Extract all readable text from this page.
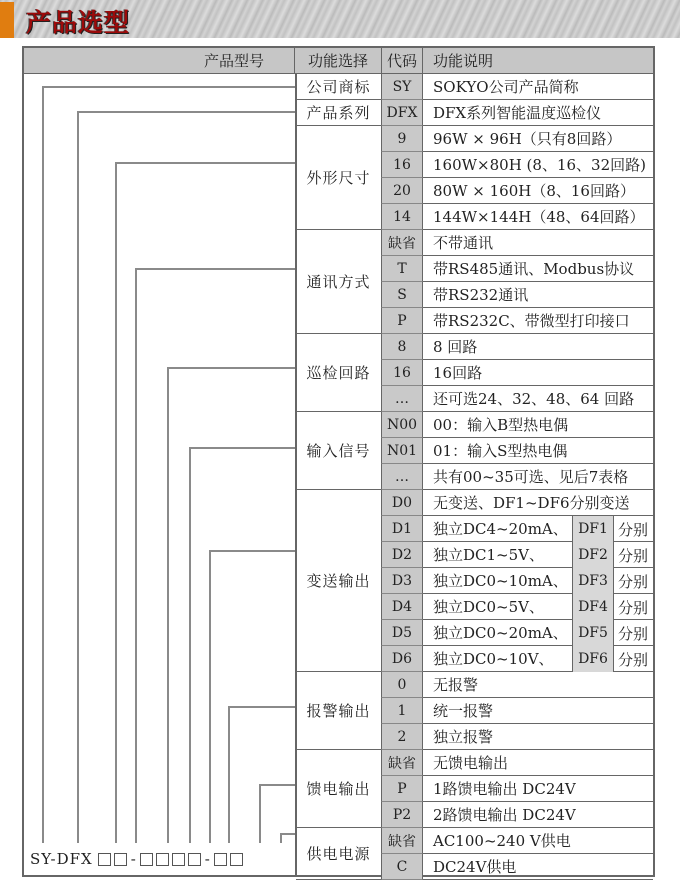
产品选型
产品型号	功能选择	代码	功能说明
公司商标	SY	SOKYO公司产品简称
产品系列	DFX	DFX系列智能温度巡检仪
外形尺寸
9	96W × 96H（只有8回路）
16	160W×80H (8、16、32回路)
20	80W × 160H（8、16回路）
14	144W×144H（48、64回路）
通讯方式
缺省	不带通讯
T	带RS485通讯、Modbus协议
S	带RS232通讯
P	带RS232C、带微型打印接口
巡检回路
8	8 回路
16	16回路
…	还可选24、32、48、64 回路
输入信号
N00	00：输入B型热电偶
N01	01：输入S型热电偶
…	共有00~35可选、见后7表格
变送输出
D0	无变送、DF1~DF6分别变送
D1	独立DC4~20mA、 DF1 分别
D2	独立DC1~5V、	DF2 分别
D3	独立DC0~10mA、 DF3 分别
D4	独立DC0~5V、	DF4 分别
D5	独立DC0~20mA、 DF5 分别
D6	独立DC0~10V、	DF6 分别
报警输出
0	无报警
1	统一报警
2	独立报警
馈电输出
缺省	无馈电输出
P	1路馈电输出 DC24V
P2	2路馈电输出 DC24V
供电电源
缺省	AC100~240 V供电
C	DC24V供电
SY-DFX	-	-
